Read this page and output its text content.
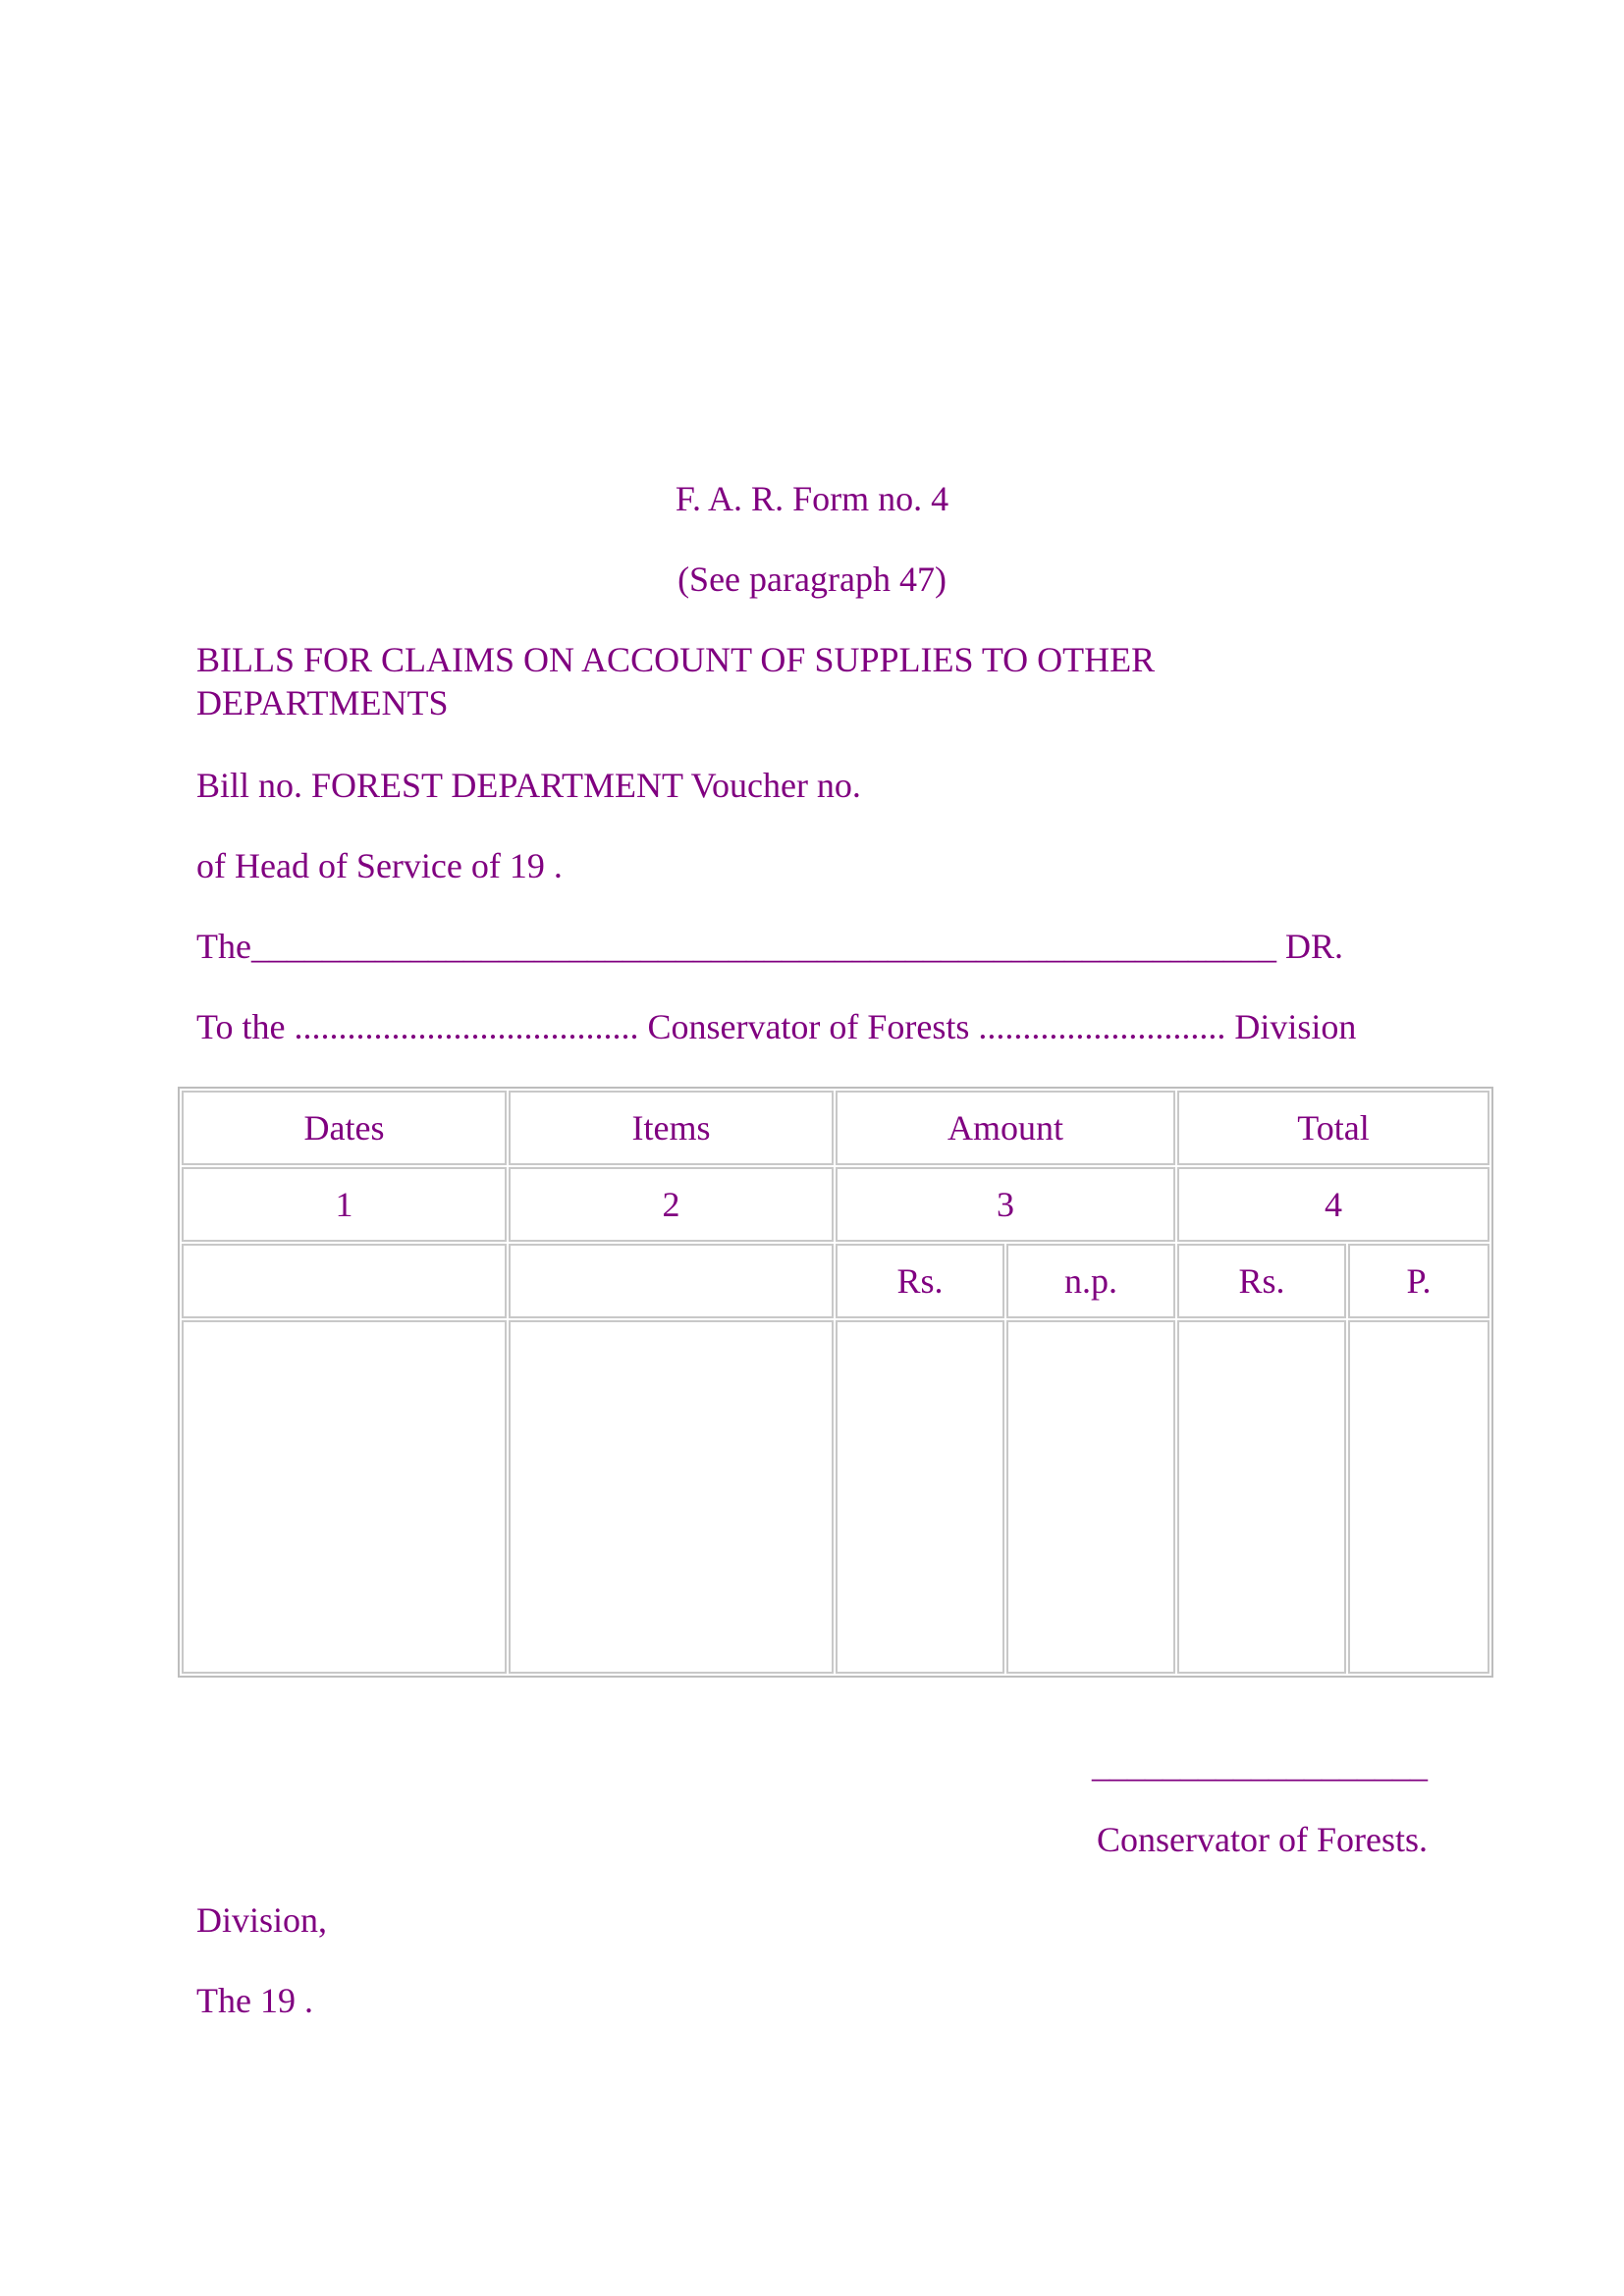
F. A. R. Form no. 4
(See paragraph 47)
BILLS FOR CLAIMS ON ACCOUNT OF SUPPLIES TO OTHER DEPARTMENTS
Bill no. FOREST DEPARTMENT Voucher no.
of Head of Service of 19 .
The__________________________________________________________ DR.
To the ....................................... Conservator of Forests ............................ Division
Dates	Items	Amount		Total	
1	2	3		4	
		Rs.	n.p.	Rs.	P.

___________________
Conservator of Forests.
Division,
The 19 .
